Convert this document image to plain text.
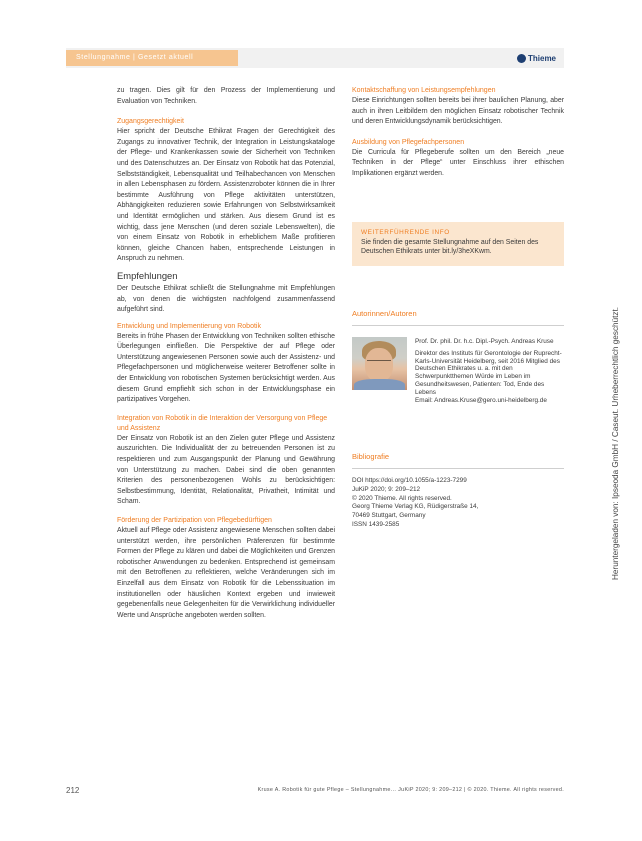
Stellungnahme | Gesetzt aktuell	Thieme

zu tragen. Dies gilt für den Prozess der Implementierung und Evaluation von Techniken.

Zugangsgerechtigkeit

Hier spricht der Deutsche Ethikrat Fragen der Gerechtigkeit des Zugangs zu innovativer Technik, der Integration in Leistungskataloge der Pflege- und Krankenkassen sowie der Sicherheit von Techniken und des Datenschutzes an. Der Einsatz von Robotik hat das Potenzial, Selbstständigkeit, Lebensqualität und Teilhabechancen von Menschen in allen Lebensphasen zu fördern. Assistenzroboter können die in Ihrer bestimmte Ausführung von Pflege aktivitäten unterstützen, Abhängigkeiten reduzieren sowie Erfahrungen von Selbstwirksamkeit und Identität ermöglichen und stärken. Aus diesem Grund ist es wichtig, dass jene Menschen (und deren soziale Lebenswelten), die von einem Einsatz von Robotik in erheblichem Maße profitieren können, gleiche Chancen haben, entsprechende Leistungen in Anspruch zu nehmen.

Empfehlungen

Der Deutsche Ethikrat schließt die Stellungnahme mit Empfehlungen ab, von denen die wichtigsten nachfolgend zusammenfassend aufgeführt sind.

Entwicklung und Implementierung von Robotik

Bereits in frühe Phasen der Entwicklung von Techniken sollten ethische Überlegungen einfließen. Die Perspektive der auf Pflege oder Unterstützung angewiesenen Personen sowie auch der Assistenz- und Pflegefachpersonen und möglicherweise weiterer Betroffener sollte in der Entwicklung von robotischen Systemen berücksichtigt werden. Aus diesem Grund empfiehlt sich schon in der Entwicklungsphase ein partizipatives Vorgehen.

Integration von Robotik in die Interaktion der Versorgung von Pflege und Assistenz

Der Einsatz von Robotik ist an den Zielen guter Pflege und Assistenz auszurichten. Die Individualität der zu betreuenden Personen ist zu respektieren und zum Ausgangspunkt der Planung und Gewährung von Unterstützung zu machen. Dabei sind die oben genannten Kriterien des personenbezogenen Wohls zu berücksichtigen: Selbstbestimmung, Identität, Relationalität, Privatheit, Intimität und Scham.

Förderung der Partizipation von Pflegebedürftigen

Aktuell auf Pflege oder Assistenz angewiesene Menschen sollten dabei unterstützt werden, ihre persönlichen Präferenzen für bestimmte Formen der Pflege zu klären und dabei die Möglichkeiten und Grenzen robotischer Anwendungen zu bedenken. Entsprechend ist gemeinsam mit den Betroffenen zu reflektieren, welche Veränderungen sich im Einzelfall aus dem Einsatz von Robotik für die Lebenssituation im institutionellen oder häuslichen Kontext ergeben und inwieweit gegebenenfalls neue Gelegenheiten für die Verwirklichung individueller Werte und Ansprüche angeboten werden sollten.

Kontaktschaffung von Leistungsempfehlungen

Diese Einrichtungen sollten bereits bei ihrer baulichen Planung, aber auch in ihren Leitbildern den möglichen Einsatz robotischer Technik und deren Entwicklungsdynamik berücksichtigen.

Ausbildung von Pflegefachpersonen

Die Curricula für Pflegeberufe sollten um den Bereich „neue Techniken in der Pflege“ unter Einschluss ihrer ethischen Implikationen ergänzt werden.

WEITERFÜHRENDE INFO

Sie finden die gesamte Stellungnahme auf den Seiten des Deutschen Ethikrats unter bit.ly/3heXKwm.

Autorinnen/Autoren

Prof. Dr. phil. Dr. h.c. Dipl.-Psych. Andreas Kruse

Direktor des Instituts für Gerontologie der Ruprecht-Karls-Universität Heidelberg, seit 2016 Mitglied des Deutschen Ethikrates u. a. mit den Schwerpunktthemen Würde im Leben im Gesundheitswesen, Patienten: Tod, Ende des Lebens

Email: Andreas.Kruse@gero.uni-heidelberg.de

Bibliografie

DOI https://doi.org/10.1055/a-1223-7299

JuKiP 2020; 9: 209–212

© 2020 Thieme. All rights reserved.

Georg Thieme Verlag KG, Rüdigerstraße 14,

70469 Stuttgart, Germany

ISSN 1439-2585	Heruntergeladen von: Ipseoda GmbH / Caseut. Urheberrechtlich geschützt.
212	Kruse A. Robotik für gute Pflege – Stellungnahme… JuKiP 2020; 9: 209–212 | © 2020. Thieme. All rights reserved.
